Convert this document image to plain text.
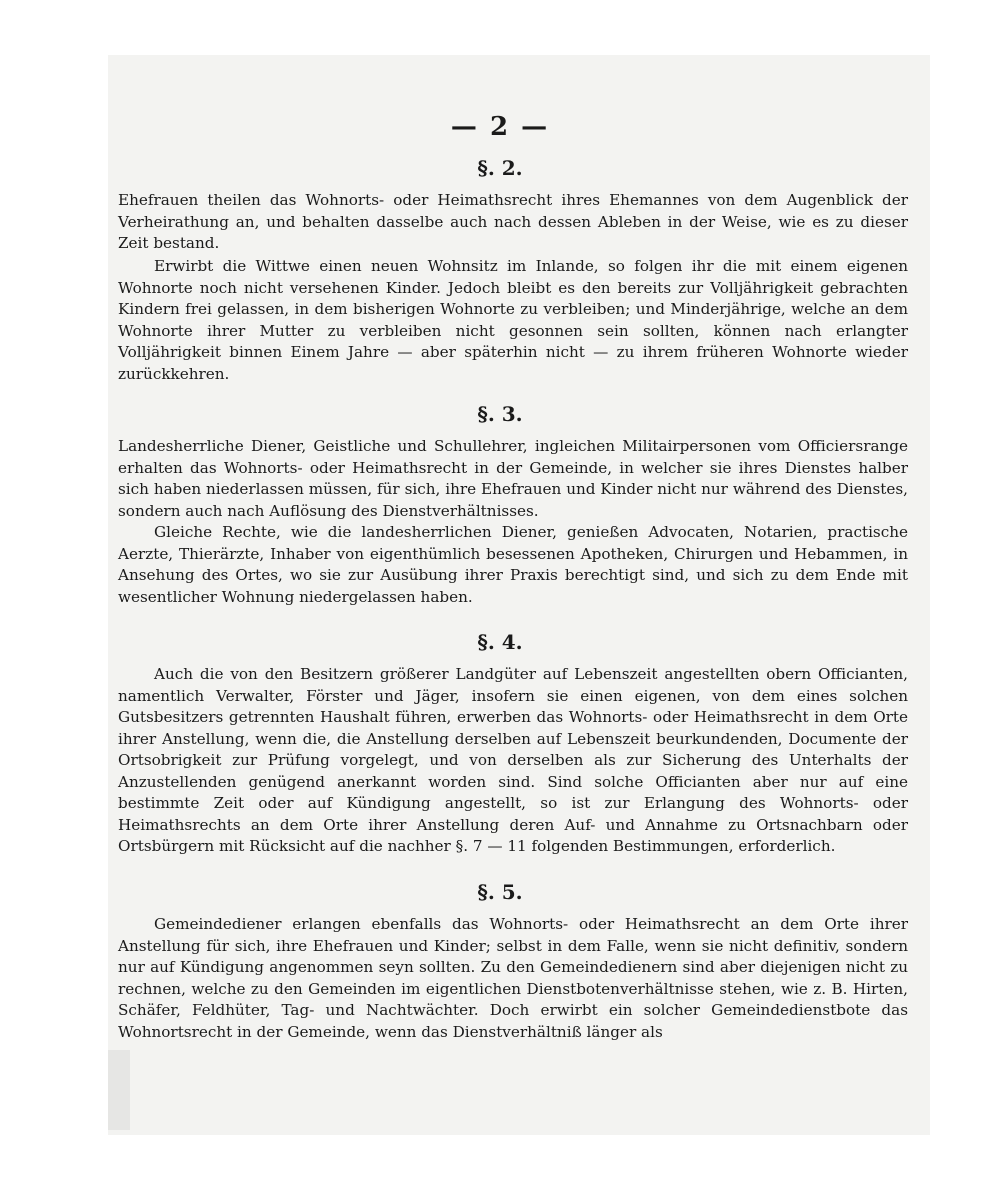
— 2 —
§. 2.

Ehefrauen theilen das Wohnorts- oder Heimathsrecht ihres Ehemannes von dem Augenblick der Verheirathung an, und behalten dasselbe auch nach dessen Ableben in der Weise, wie es zu dieser Zeit bestand.

Erwirbt die Wittwe einen neuen Wohnsitz im Inlande, so folgen ihr die mit einem eigenen Wohnorte noch nicht versehenen Kinder. Jedoch bleibt es den bereits zur Volljährigkeit gebrachten Kindern frei gelassen, in dem bisherigen Wohnorte zu verbleiben; und Minderjährige, welche an dem Wohnorte ihrer Mutter zu verbleiben nicht gesonnen sein sollten, können nach erlangter Volljährigkeit binnen Einem Jahre — aber späterhin nicht — zu ihrem früheren Wohnorte wieder zurückkehren.

§. 3.

Landesherrliche Diener, Geistliche und Schullehrer, ingleichen Militairpersonen vom Officiersrange erhalten das Wohnorts- oder Heimathsrecht in der Gemeinde, in welcher sie ihres Dienstes halber sich haben niederlassen müssen, für sich, ihre Ehefrauen und Kinder nicht nur während des Dienstes, sondern auch nach Auflösung des Dienstverhältnisses.

Gleiche Rechte, wie die landesherrlichen Diener, genießen Advocaten, Notarien, practische Aerzte, Thierärzte, Inhaber von eigenthümlich besessenen Apotheken, Chirurgen und Hebammen, in Ansehung des Ortes, wo sie zur Ausübung ihrer Praxis berechtigt sind, und sich zu dem Ende mit wesentlicher Wohnung niedergelassen haben.

§. 4.

Auch die von den Besitzern größerer Landgüter auf Lebenszeit angestellten obern Officianten, namentlich Verwalter, Förster und Jäger, insofern sie einen eigenen, von dem eines solchen Gutsbesitzers getrennten Haushalt führen, erwerben das Wohnorts- oder Heimathsrecht in dem Orte ihrer Anstellung, wenn die, die Anstellung derselben auf Lebenszeit beurkundenden, Documente der Ortsobrigkeit zur Prüfung vorgelegt, und von derselben als zur Sicherung des Unterhalts der Anzustellenden genügend anerkannt worden sind. Sind solche Officianten aber nur auf eine bestimmte Zeit oder auf Kündigung angestellt, so ist zur Erlangung des Wohnorts- oder Heimathsrechts an dem Orte ihrer Anstellung deren Auf- und Annahme zu Ortsnachbarn oder Ortsbürgern mit Rücksicht auf die nachher §. 7 — 11 folgenden Bestimmungen, erforderlich.

§. 5.

Gemeindediener erlangen ebenfalls das Wohnorts- oder Heimathsrecht an dem Orte ihrer Anstellung für sich, ihre Ehefrauen und Kinder; selbst in dem Falle, wenn sie nicht definitiv, sondern nur auf Kündigung angenommen seyn sollten. Zu den Gemeindedienern sind aber diejenigen nicht zu rechnen, welche zu den Gemeinden im eigentlichen Dienstbotenverhältnisse stehen, wie z. B. Hirten, Schäfer, Feldhüter, Tag- und Nachtwächter. Doch erwirbt ein solcher Gemeindedienstbote das Wohnortsrecht in der Gemeinde, wenn das Dienstverhältniß länger als
